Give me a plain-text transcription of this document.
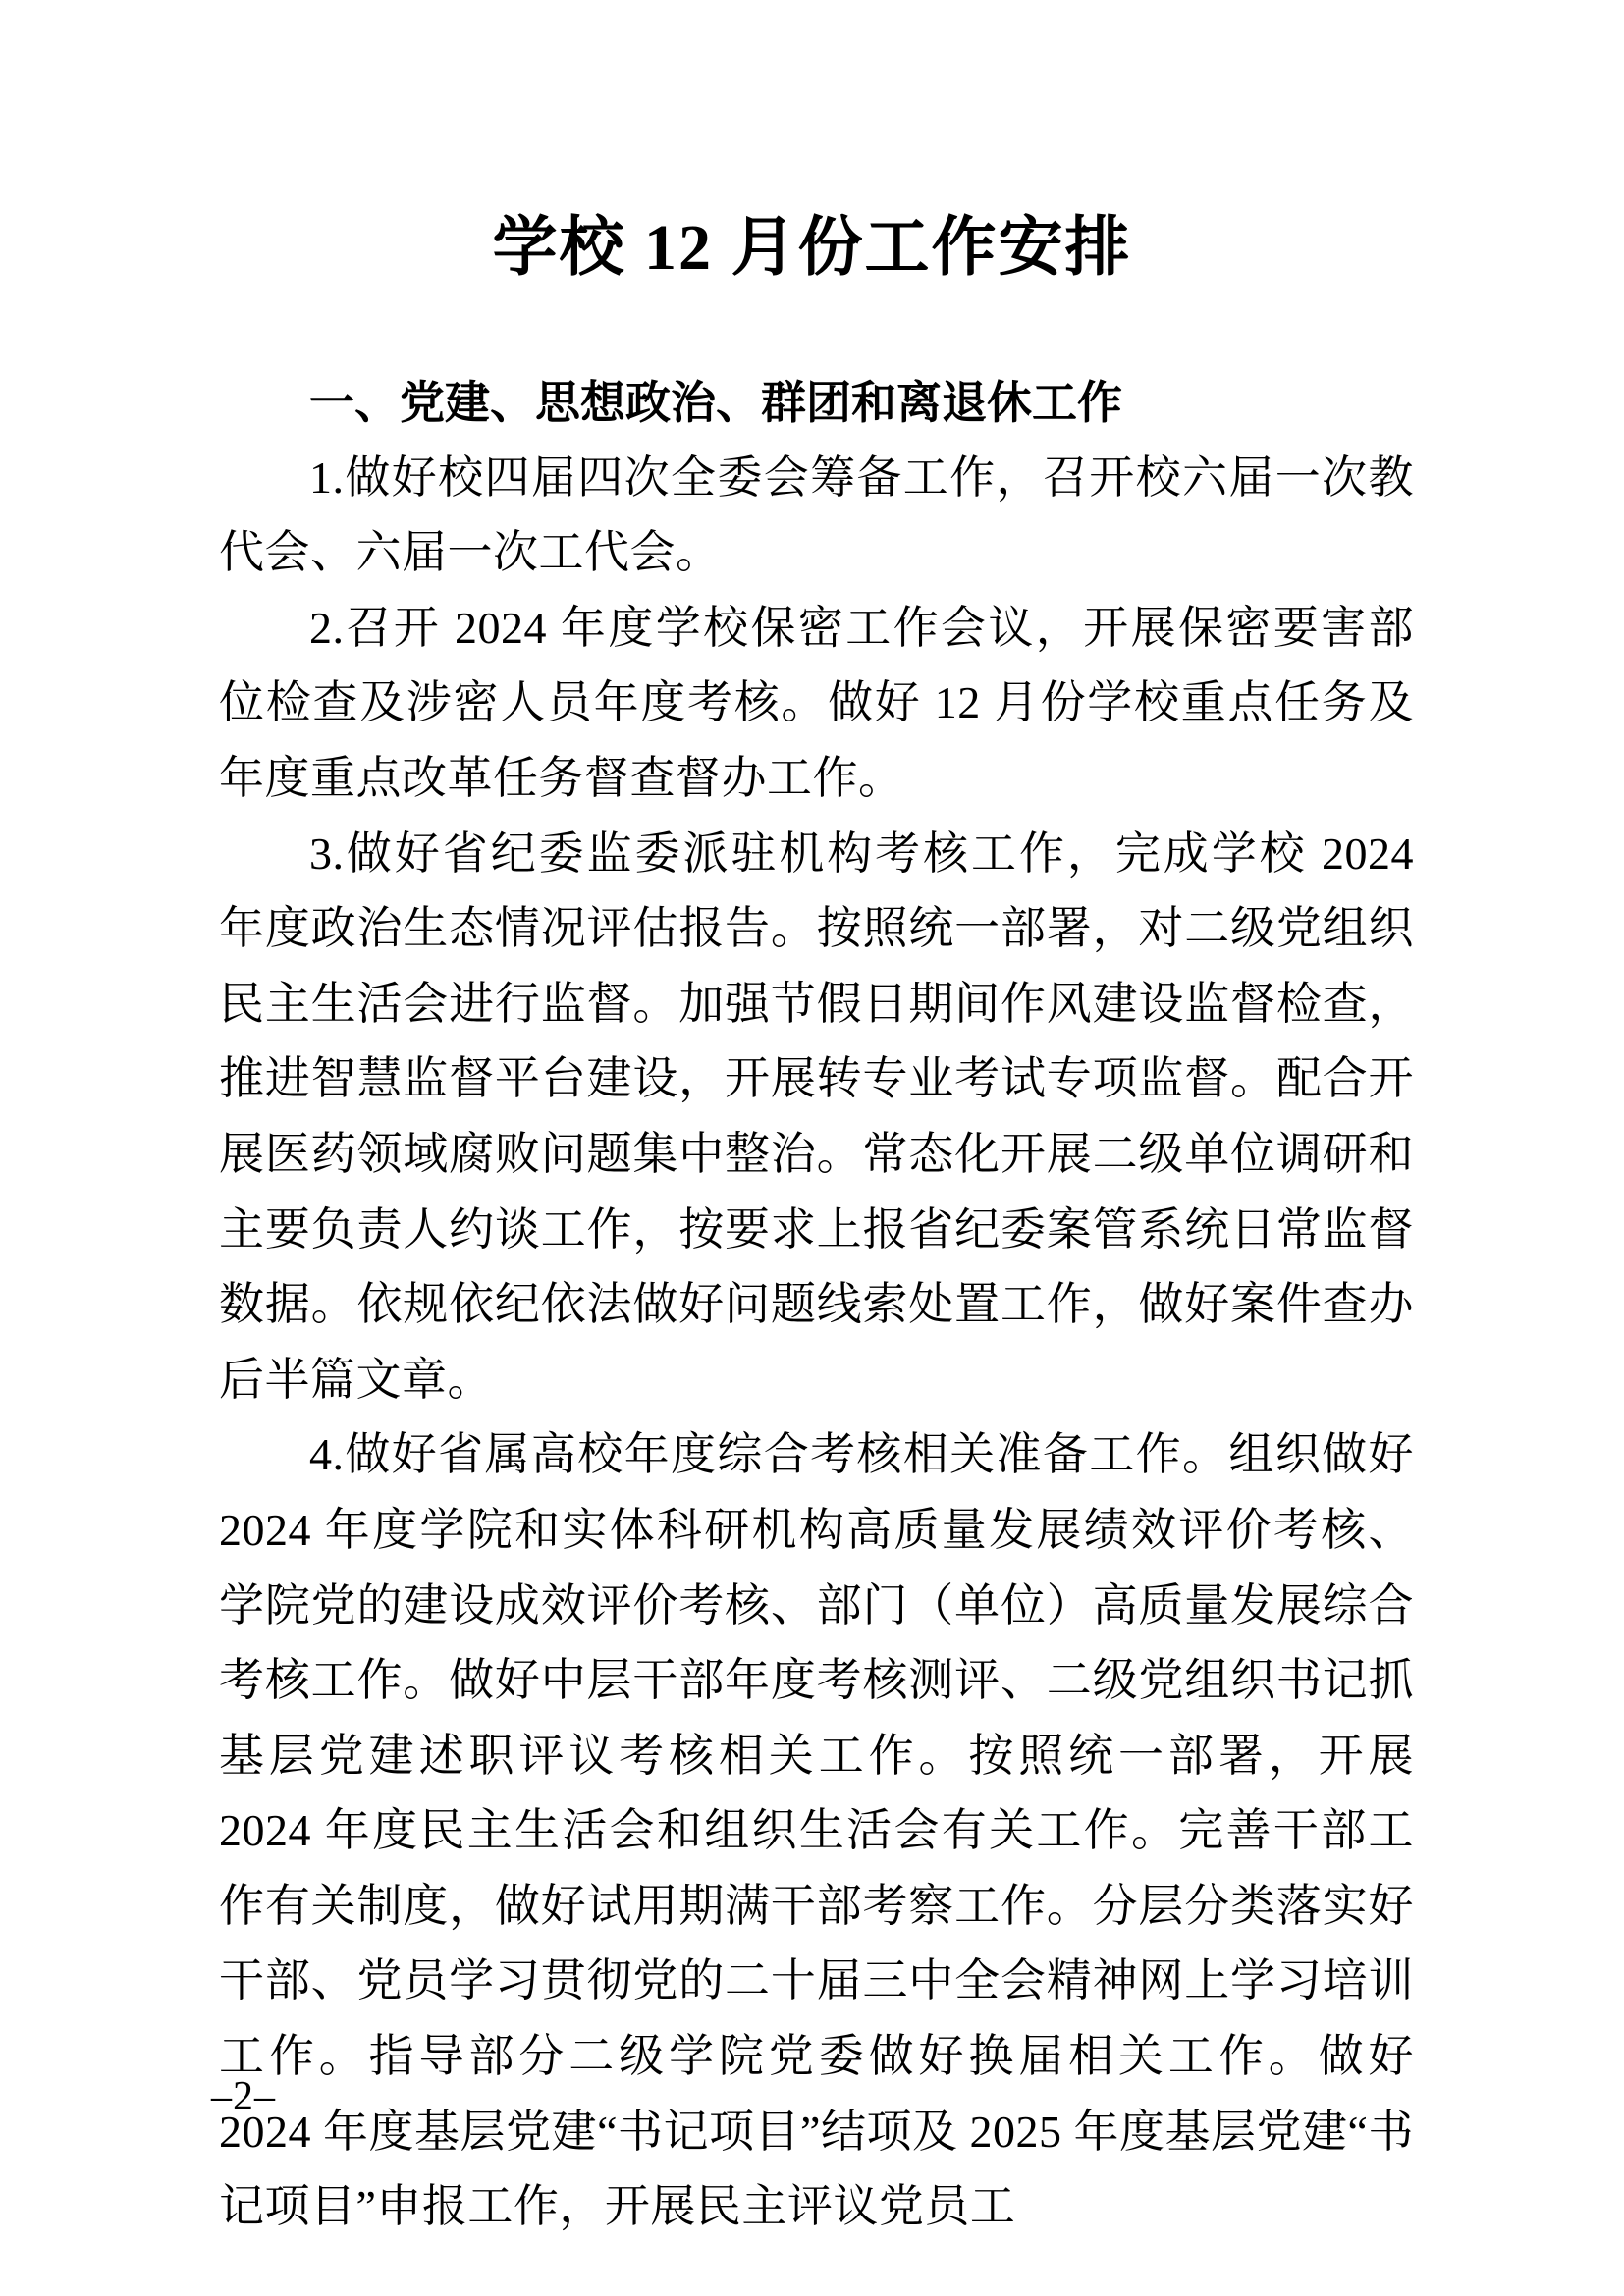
学校 12 月份工作安排

一、党建、思想政治、群团和离退休工作

1.做好校四届四次全委会筹备工作，召开校六届一次教代会、六届一次工代会。

2.召开 2024 年度学校保密工作会议，开展保密要害部位检查及涉密人员年度考核。做好 12 月份学校重点任务及年度重点改革任务督查督办工作。

3.做好省纪委监委派驻机构考核工作，完成学校 2024 年度政治生态情况评估报告。按照统一部署，对二级党组织民主生活会进行监督。加强节假日期间作风建设监督检查，推进智慧监督平台建设，开展转专业考试专项监督。配合开展医药领域腐败问题集中整治。常态化开展二级单位调研和主要负责人约谈工作，按要求上报省纪委案管系统日常监督数据。依规依纪依法做好问题线索处置工作，做好案件查办后半篇文章。

4.做好省属高校年度综合考核相关准备工作。组织做好 2024 年度学院和实体科研机构高质量发展绩效评价考核、学院党的建设成效评价考核、部门（单位）高质量发展综合考核工作。做好中层干部年度考核测评、二级党组织书记抓基层党建述职评议考核相关工作。按照统一部署，开展 2024 年度民主生活会和组织生活会有关工作。完善干部工作有关制度，做好试用期满干部考察工作。分层分类落实好干部、党员学习贯彻党的二十届三中全会精神网上学习培训工作。指导部分二级学院党委做好换届相关工作。做好 2024 年度基层党建“书记项目”结项及 2025 年度基层党建“书记项目”申报工作，开展民主评议党员工

–2–
